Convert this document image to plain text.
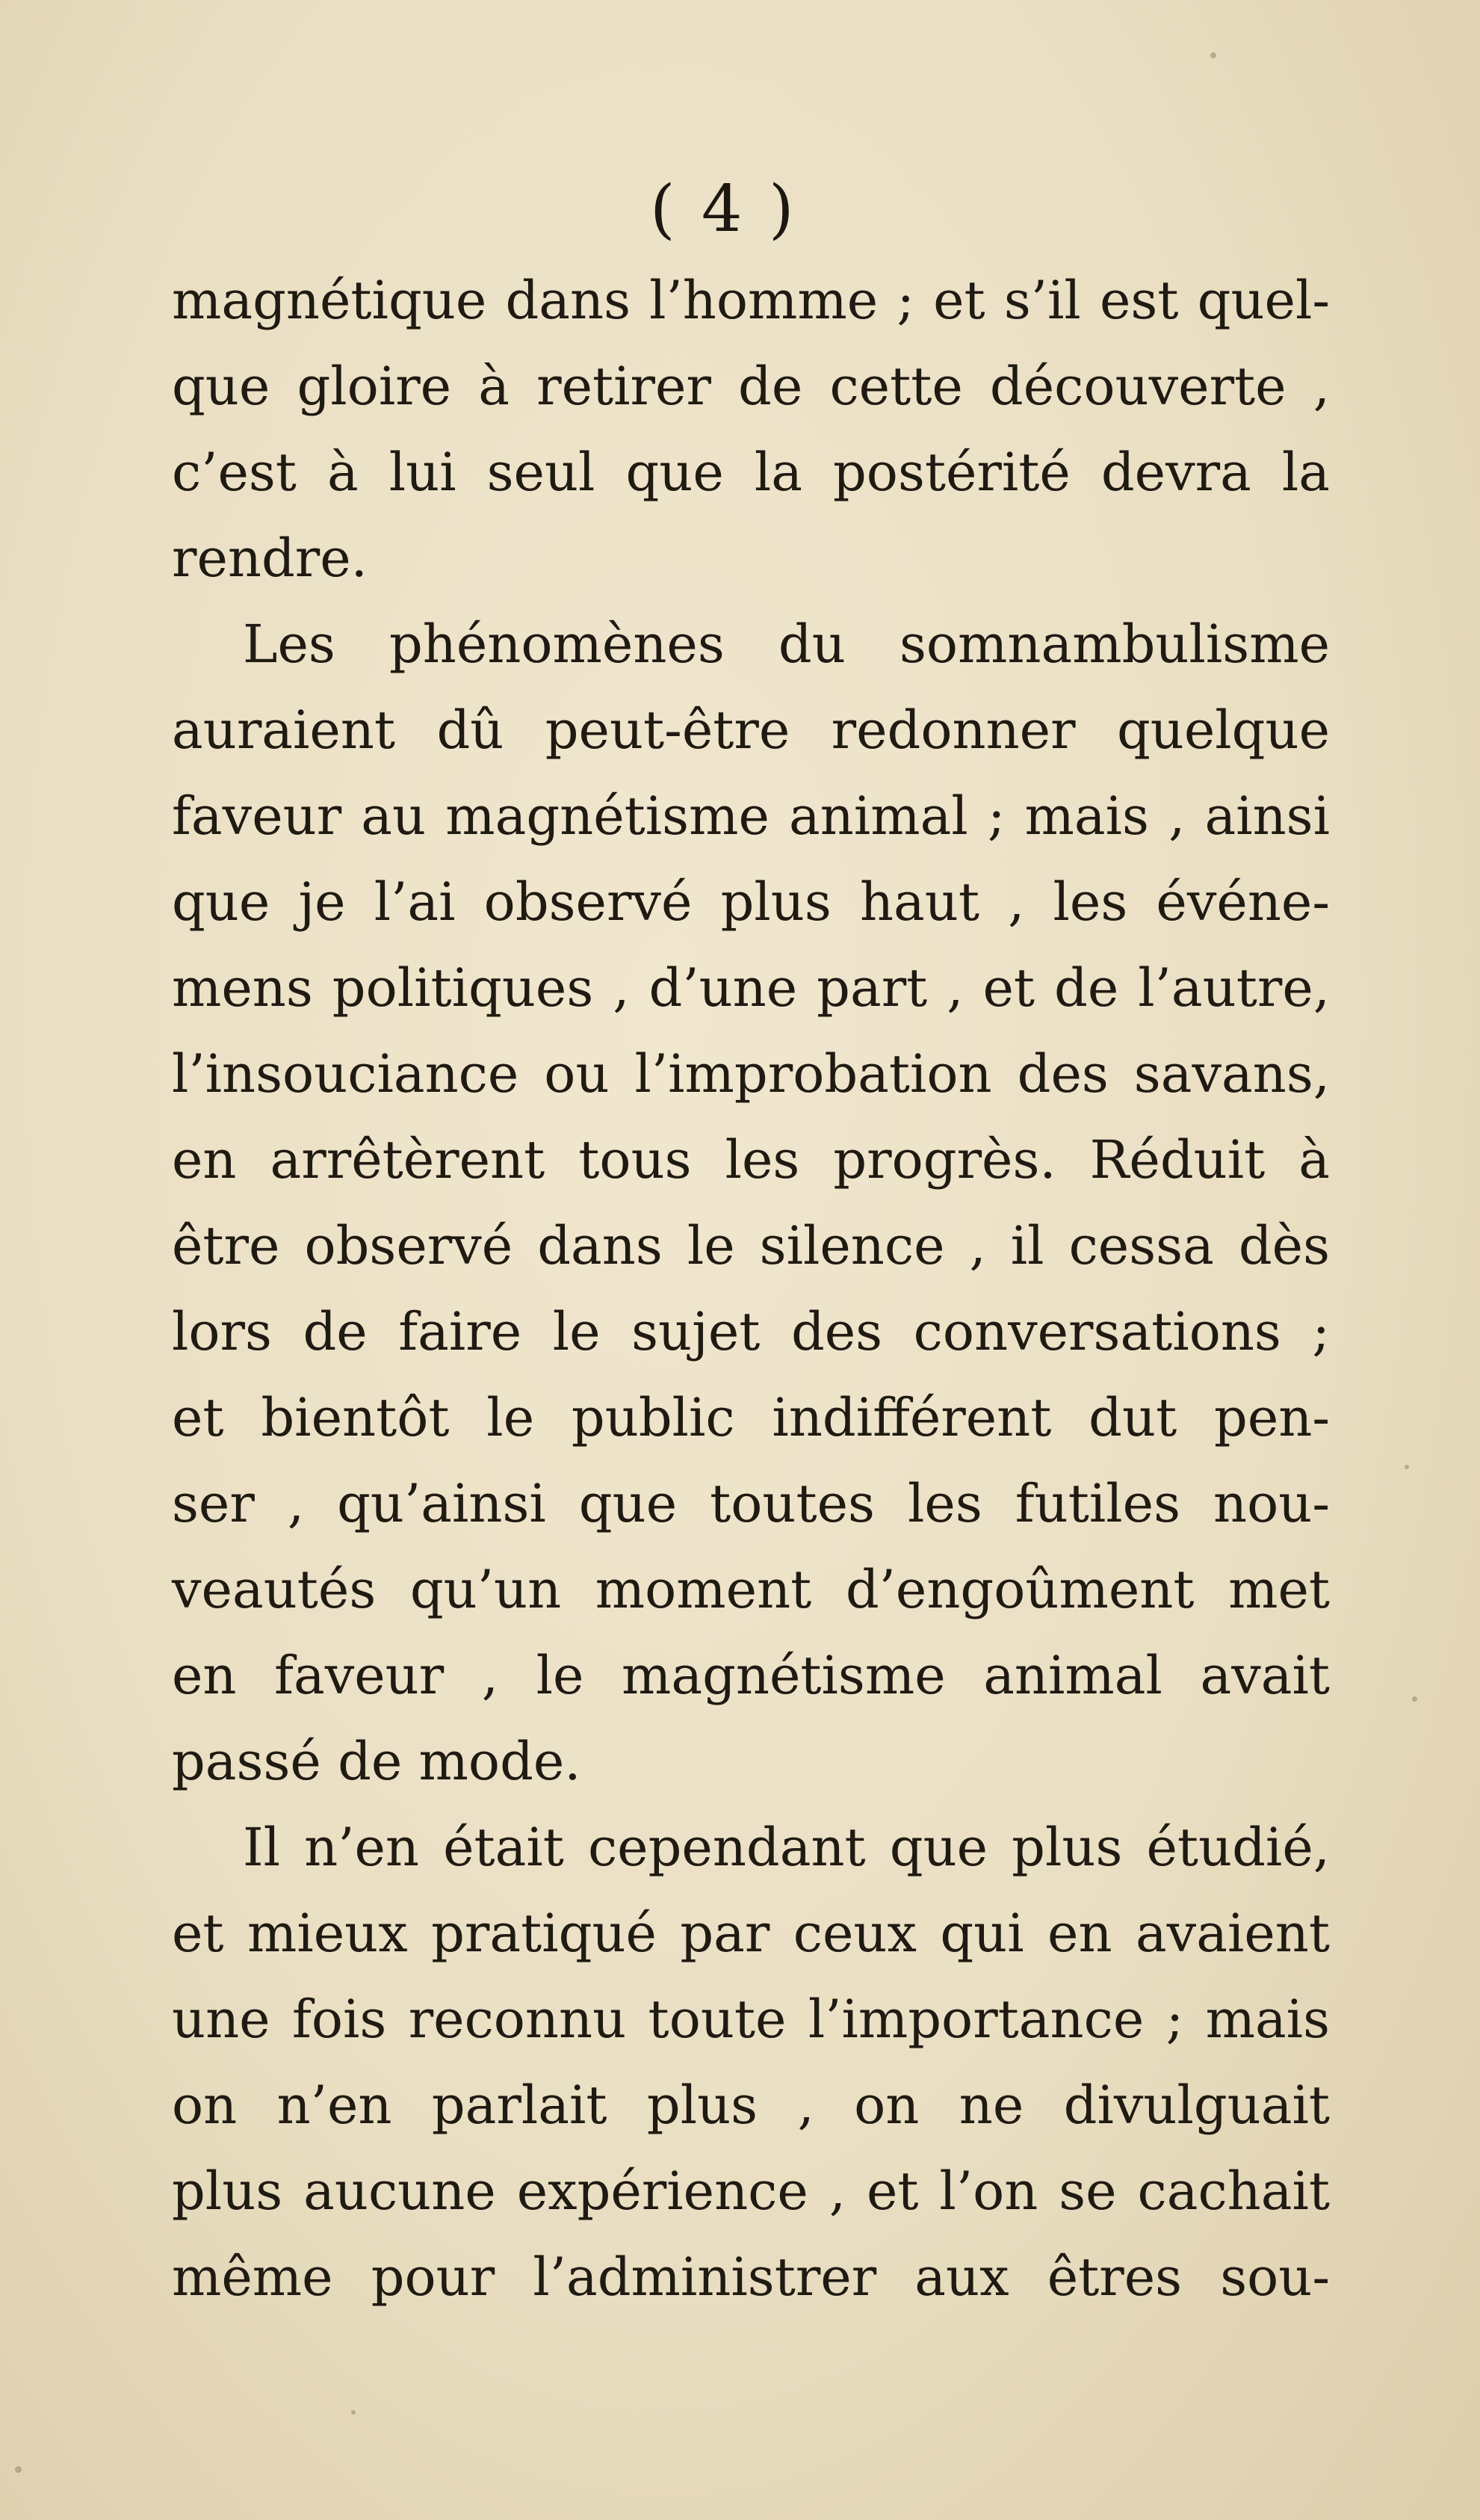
( 4 )
magnétique dans l’homme ; et s’il est quel-
que gloire à retirer de cette découverte ,
c’est à lui seul que la postérité devra la
rendre.
Les phénomènes du somnambulisme
auraient dû peut-être redonner quelque
faveur au magnétisme animal ; mais , ainsi
que je l’ai observé plus haut , les événe-
mens politiques , d’une part , et de l’autre,
l’insouciance ou l’improbation des savans,
en arrêtèrent tous les progrès. Réduit à
être observé dans le silence , il cessa dès
lors de faire le sujet des conversations ;
et bientôt le public indifférent dut pen-
ser , qu’ainsi que toutes les futiles nou-
veautés qu’un moment d’engoûment met
en faveur , le magnétisme animal avait
passé de mode.
Il n’en était cependant que plus étudié,
et mieux pratiqué par ceux qui en avaient
une fois reconnu toute l’importance ; mais
on n’en parlait plus , on ne divulguait
plus aucune expérience , et l’on se cachait
même pour l’administrer aux êtres sou-
